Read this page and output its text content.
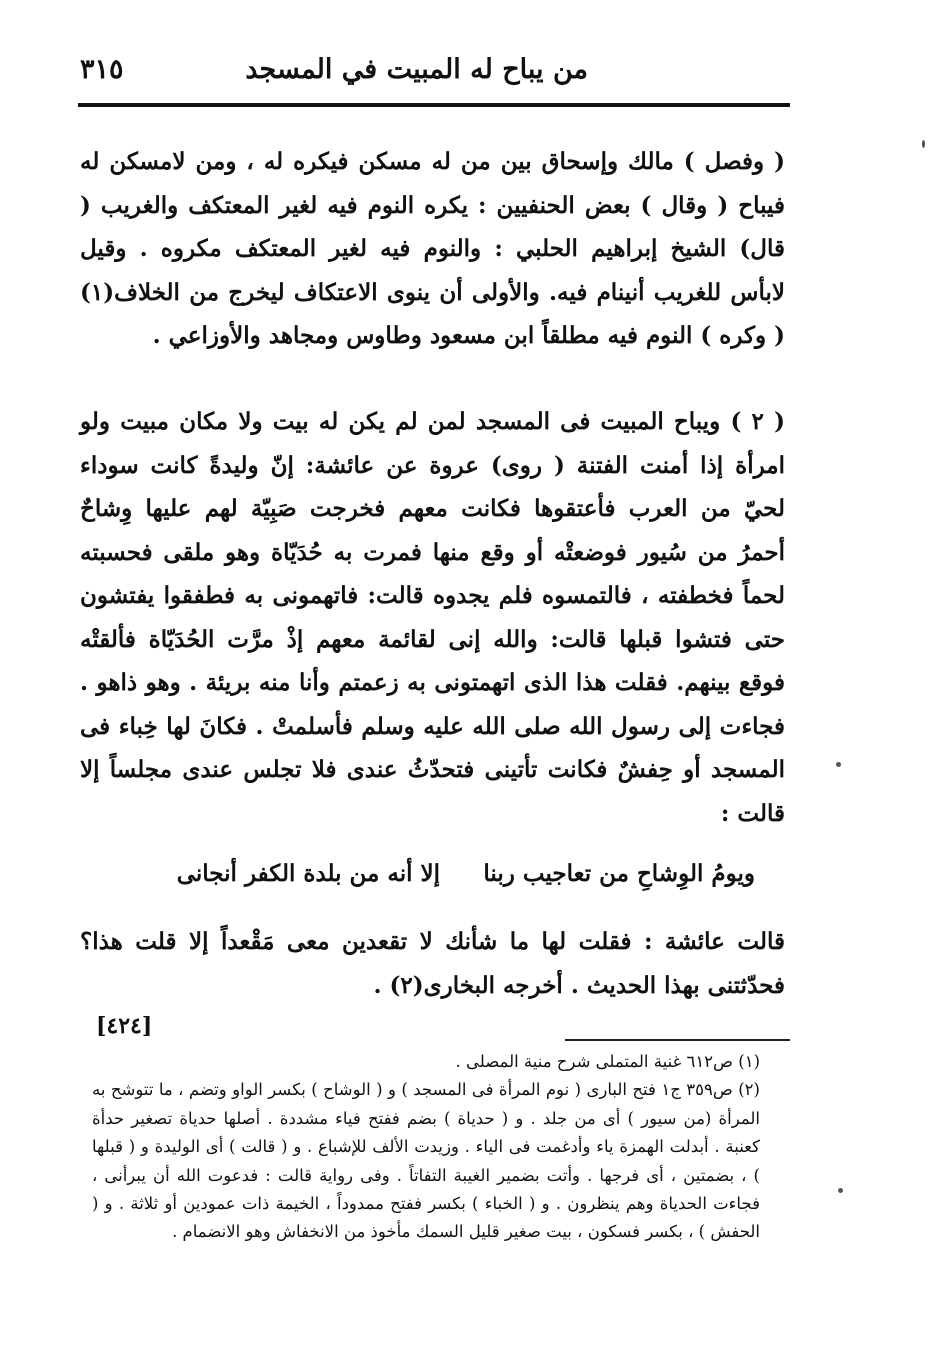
من يباح له المبيت في المسجد
٣١٥

( وفصل ) مالك وإسحاق بين من له مسكن فيكره له ، ومن لامسكن له فيباح ( وقال ) بعض الحنفيين : يكره النوم فيه لغير المعتكف والغريب ( قال) الشيخ إبراهيم الحلبي : والنوم فيه لغير المعتكف مكروه . وقيل لابأس للغريب أنينام فيه. والأولى أن ينوى الاعتكاف ليخرج من الخلاف(١) ( وكره ) النوم فيه مطلقاً ابن مسعود وطاوس ومجاهد والأوزاعي .

( ٢ ) ويباح المبيت فى المسجد لمن لم يكن له بيت ولا مكان مبيت ولو امرأة إذا أمنت الفتنة ( روى) عروة عن عائشة: إنّ وليدةً كانت سوداء لحيّ من العرب فأعتقوها فكانت معهم فخرجت صَبِيّة لهم عليها وِشاحٌ أحمرُ من سُيور فوضعتْه أو وقع منها فمرت به حُدَيّاة وهو ملقى فحسبته لحماً فخطفته ، فالتمسوه فلم يجدوه قالت: فاتهمونى به فطفقوا يفتشون حتى فتشوا قبلها قالت: والله إنى لقائمة معهم إذْ مرَّت الحُدَيّاة فألقتْه فوقع بينهم. فقلت هذا الذى اتهمتونى به زعمتم وأنا منه بريئة . وهو ذاهو . فجاءت إلى رسول الله صلى الله عليه وسلم فأسلمتْ . فكانَ لها خِباء فى المسجد أو حِفشٌ فكانت تأتينى فتحدّثُ عندى فلا تجلس عندى مجلساً إلا قالت :

ويومُ الوِشاحِ من تعاجيب ربنا
إلا أنه من بلدة الكفر أنجانى

قالت عائشة : فقلت لها ما شأنك لا تقعدين معى مَقْعداً إلا قلت هذا؟ فحدّثتنى بهذا الحديث . أخرجه البخارى(٢) .

[٤٢٤]

(١) ص٦١٢ غنية المتملى شرح منية المصلى .

(٢) ص٣٥٩ ج١ فتح البارى ( نوم المرأة فى المسجد ) و ( الوشاح ) بكسر الواو وتضم ، ما تتوشح به المرأة (من سيور ) أى من جلد . و ( حدياة ) بضم ففتح فياء مشددة . أصلها حدياة تصغير حدأة كعنبة . أبدلت الهمزة ياء وأدغمت فى الياء . وزيدت الألف للإشباع . و ( قالت ) أى الوليدة و ( قبلها ) ، بضمتين ، أى فرجها . وأتت بضمير الغيبة التفاتاً . وفى رواية قالت : فدعوت الله أن يبرأنى ، فجاءت الحدياة وهم ينظرون . و ( الخباء ) بكسر ففتح ممدوداً ، الخيمة ذات عمودين أو ثلاثة . و ( الحفش ) ، بكسر فسكون ، بيت صغير قليل السمك مأخوذ من الانخفاش وهو الانضمام .
